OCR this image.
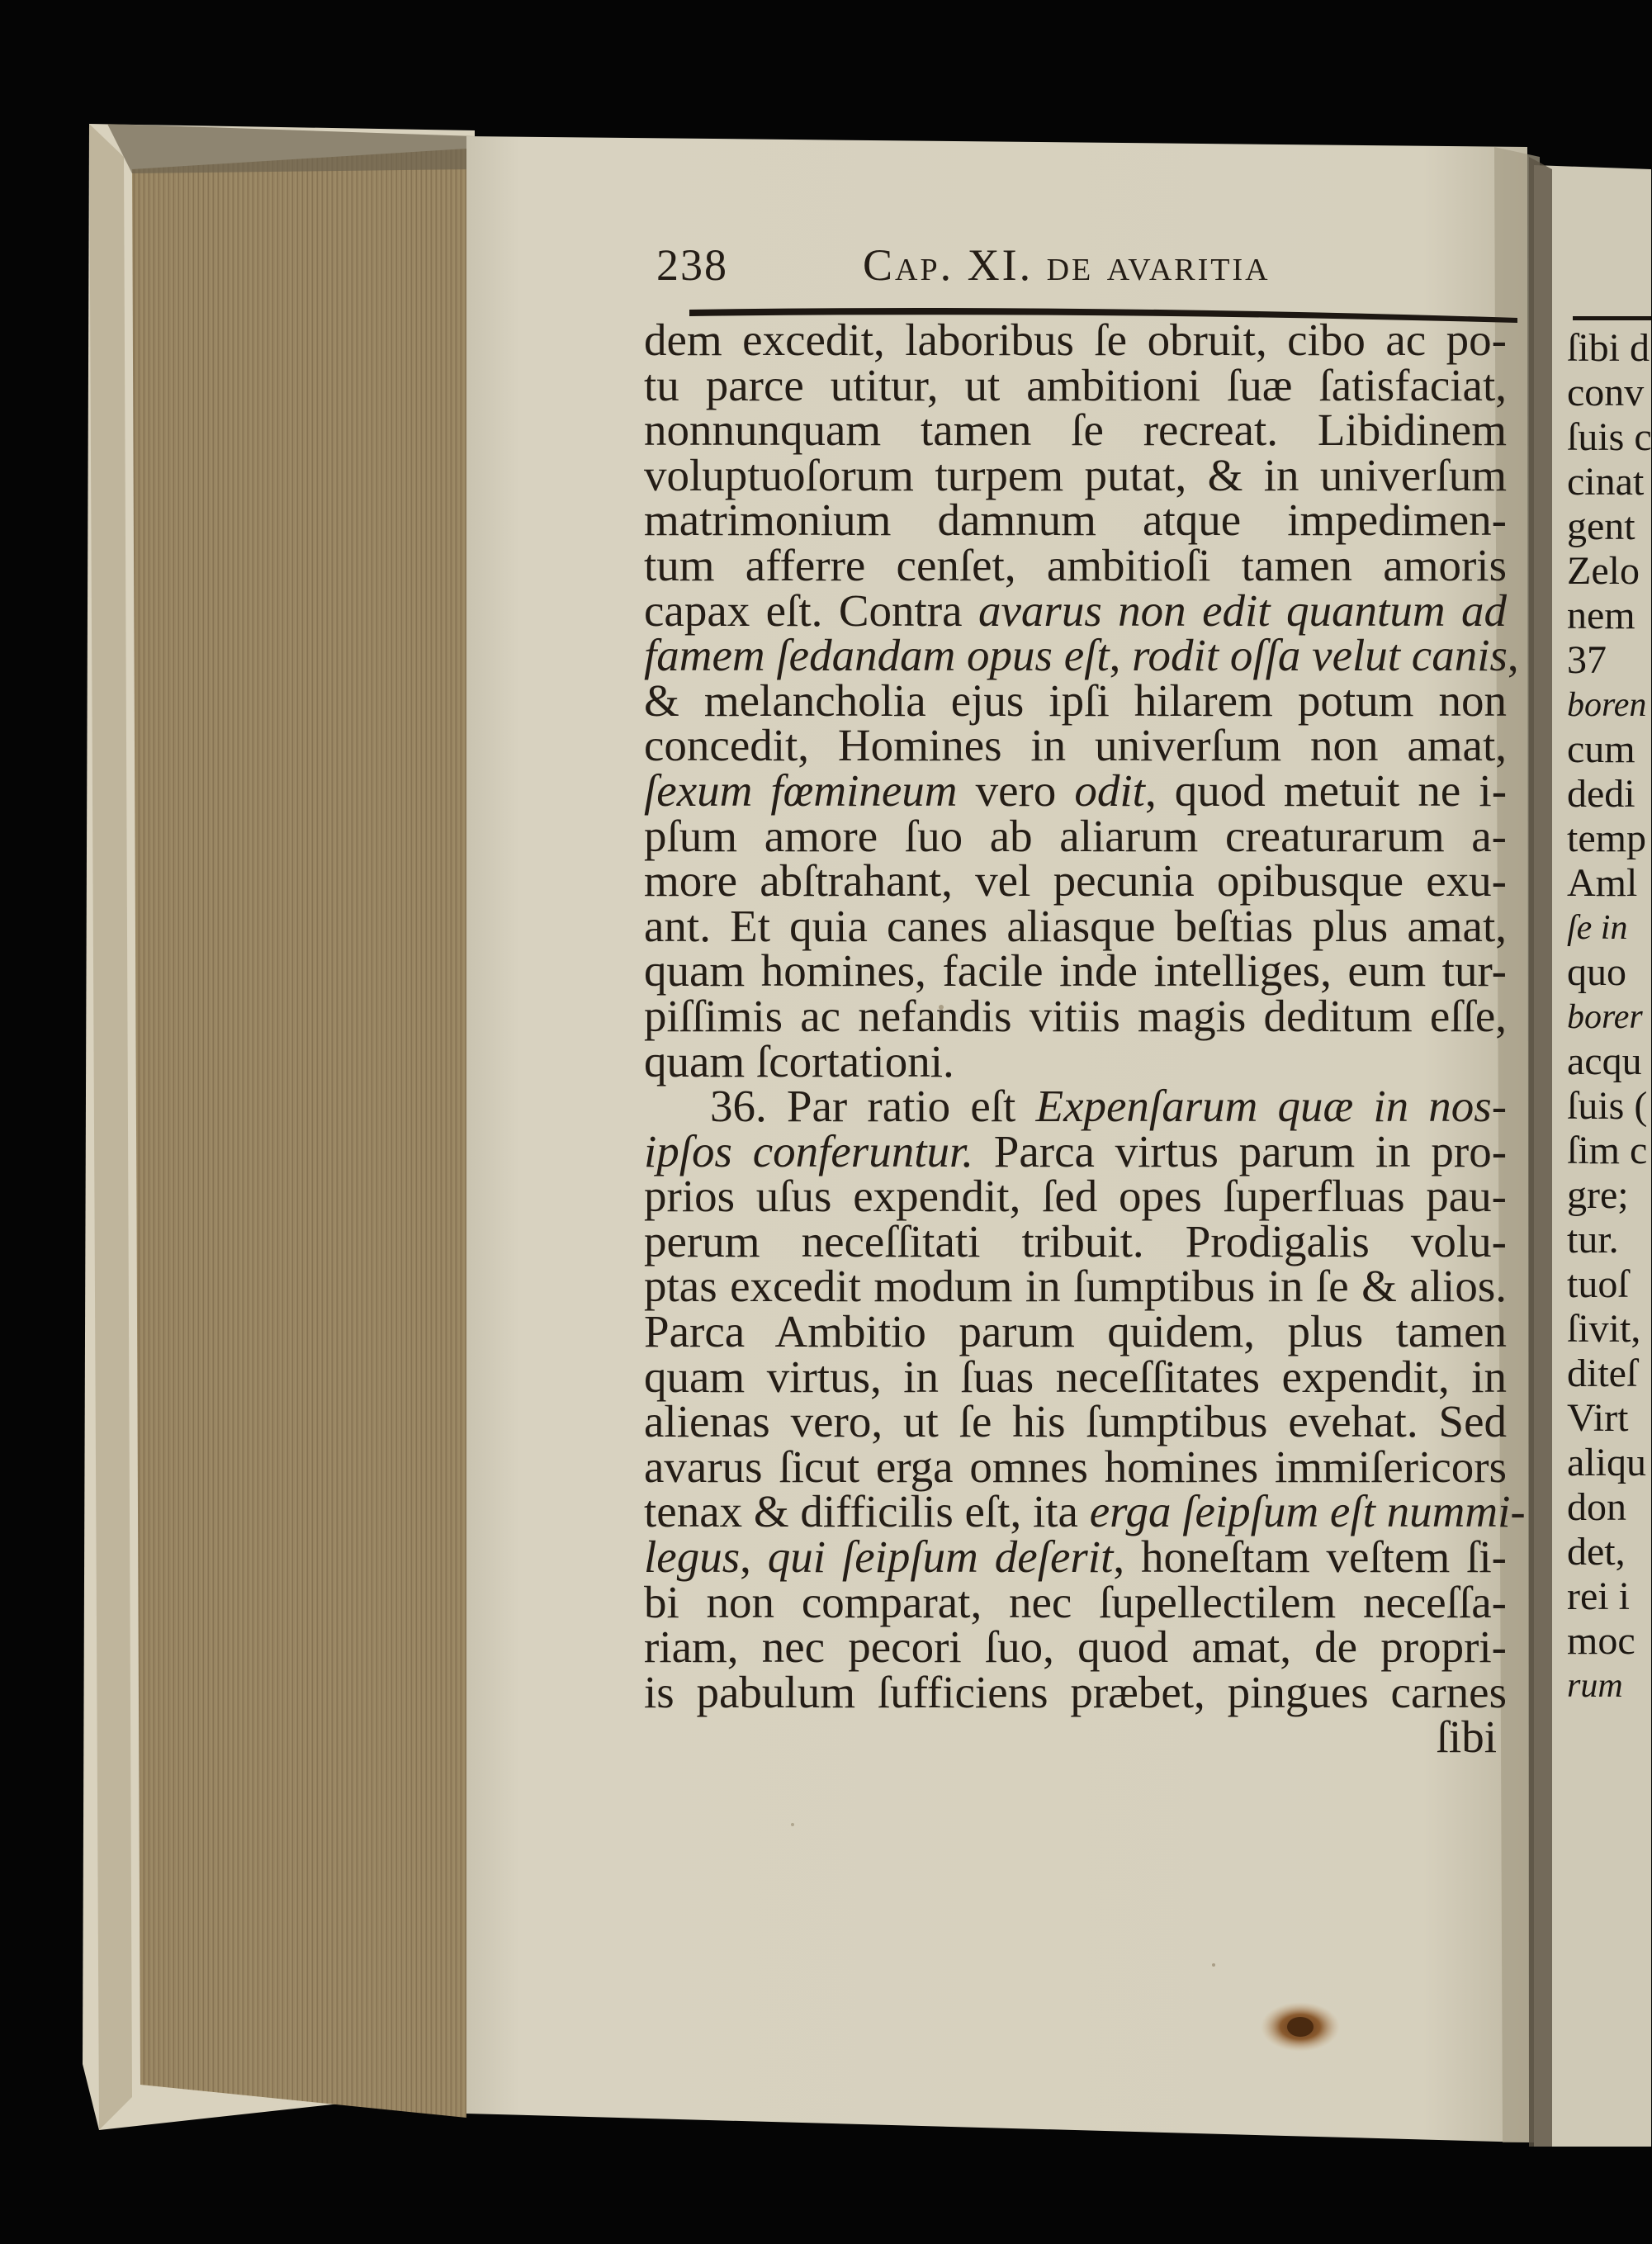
238	Cap. XI. de avaritia
dem excedit, laboribus ſe obruit, cibo ac po-
tu parce utitur, ut ambitioni ſuæ ſatisfaciat,
nonnunquam tamen ſe recreat. Libidinem
voluptuoſorum turpem putat, & in univerſum
matrimonium damnum atque impedimen-
tum afferre cenſet, ambitioſi tamen amoris
capax eſt. Contra avarus non edit quantum ad
famem ſedandam opus eſt, rodit oſſa velut canis,
& melancholia ejus ipſi hilarem potum non
concedit, Homines in univerſum non amat,
ſexum fœmineum vero odit, quod metuit ne i-
pſum amore ſuo ab aliarum creaturarum a-
more abſtrahant, vel pecunia opibusque exu-
ant. Et quia canes aliasque beſtias plus amat,
quam homines, facile inde intelliges, eum tur-
piſſimis ac nefandis vitiis magis deditum eſſe,
quam ſcortationi.
36. Par ratio eſt Expenſarum quæ in nos-
ipſos conferuntur. Parca virtus parum in pro-
prios uſus expendit, ſed opes ſuperfluas pau-
perum neceſſitati tribuit. Prodigalis volu-
ptas excedit modum in ſumptibus in ſe & alios.
Parca Ambitio parum quidem, plus tamen
quam virtus, in ſuas neceſſitates expendit, in
alienas vero, ut ſe his ſumptibus evehat. Sed
avarus ſicut erga omnes homines immiſericors
tenax & difficilis eſt, ita erga ſeipſum eſt nummi-
legus, qui ſeipſum deſerit, honeſtam veſtem ſi-
bi non comparat, nec ſupellectilem neceſſa-
riam, nec pecori ſuo, quod amat, de propri-
is pabulum ſufficiens præbet, pingues carnes
ſibi
ſibi d
conv
ſuis c
cinat
gent
Zelo
nem
37
boren
cum
dedi
temp
Aml
ſe in
quo
borer
acqu
ſuis (
ſim c
gre;
tur.
tuoſ
ſivit,
diteſ
Virt
aliqu
don
det,
rei i
moc
rum
